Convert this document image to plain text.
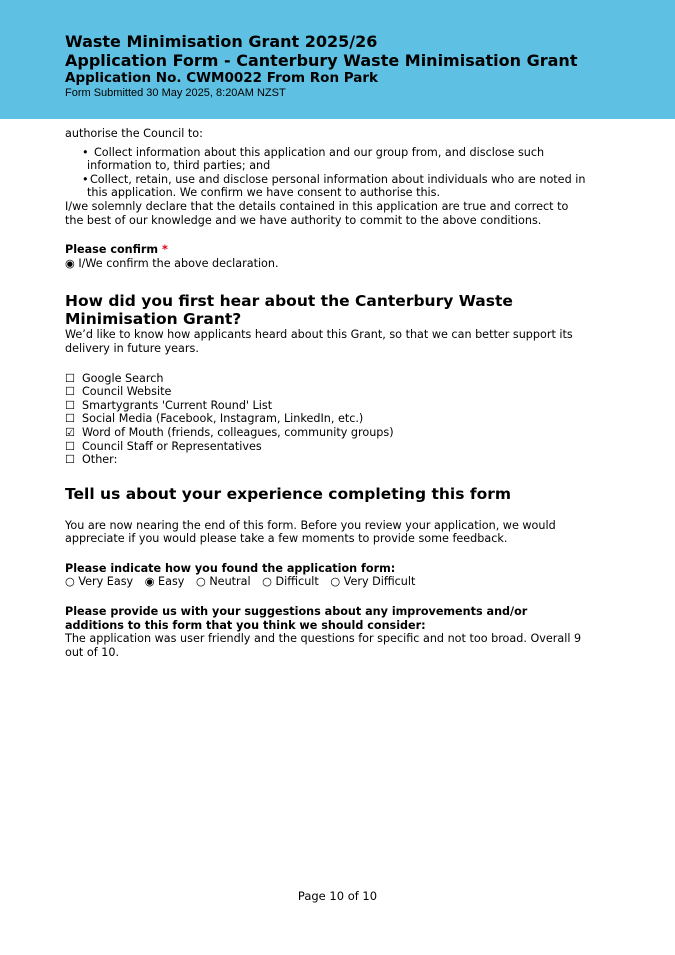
Waste Minimisation Grant 2025/26
Application Form - Canterbury Waste Minimisation Grant
Application No. CWM0022 From Ron Park
Form Submitted 30 May 2025, 8:20AM NZST

authorise the Council to:

• Collect information about this application and our group from, and disclose such
information to, third parties; and
• Collect, retain, use and disclose personal information about individuals who are noted in
this application. We confirm we have consent to authorise this.

I/we solemnly declare that the details contained in this application are true and correct to
the best of our knowledge and we have authority to commit to the above conditions.

Please confirm *
◉ I/We confirm the above declaration.
How did you first hear about the Canterbury Waste
Minimisation Grant?

We’d like to know how applicants heard about this Grant, so that we can better support its
delivery in future years.

☐ Google Search
☐ Council Website
☐ Smartygrants 'Current Round' List
☐ Social Media (Facebook, Instagram, LinkedIn, etc.)
☑ Word of Mouth (friends, colleagues, community groups)
☐ Council Staff or Representatives
☐ Other:
Tell us about your experience completing this form

You are now nearing the end of this form. Before you review your application, we would
appreciate if you would please take a few moments to provide some feedback.

Please indicate how you found the application form:
○ Very Easy ◉ Easy ○ Neutral ○ Difficult ○ Very Difficult
Please provide us with your suggestions about any improvements and/or
additions to this form that you think we should consider:

The application was user friendly and the questions for specific and not too broad. Overall 9
out of 10.

Page 10 of 10
